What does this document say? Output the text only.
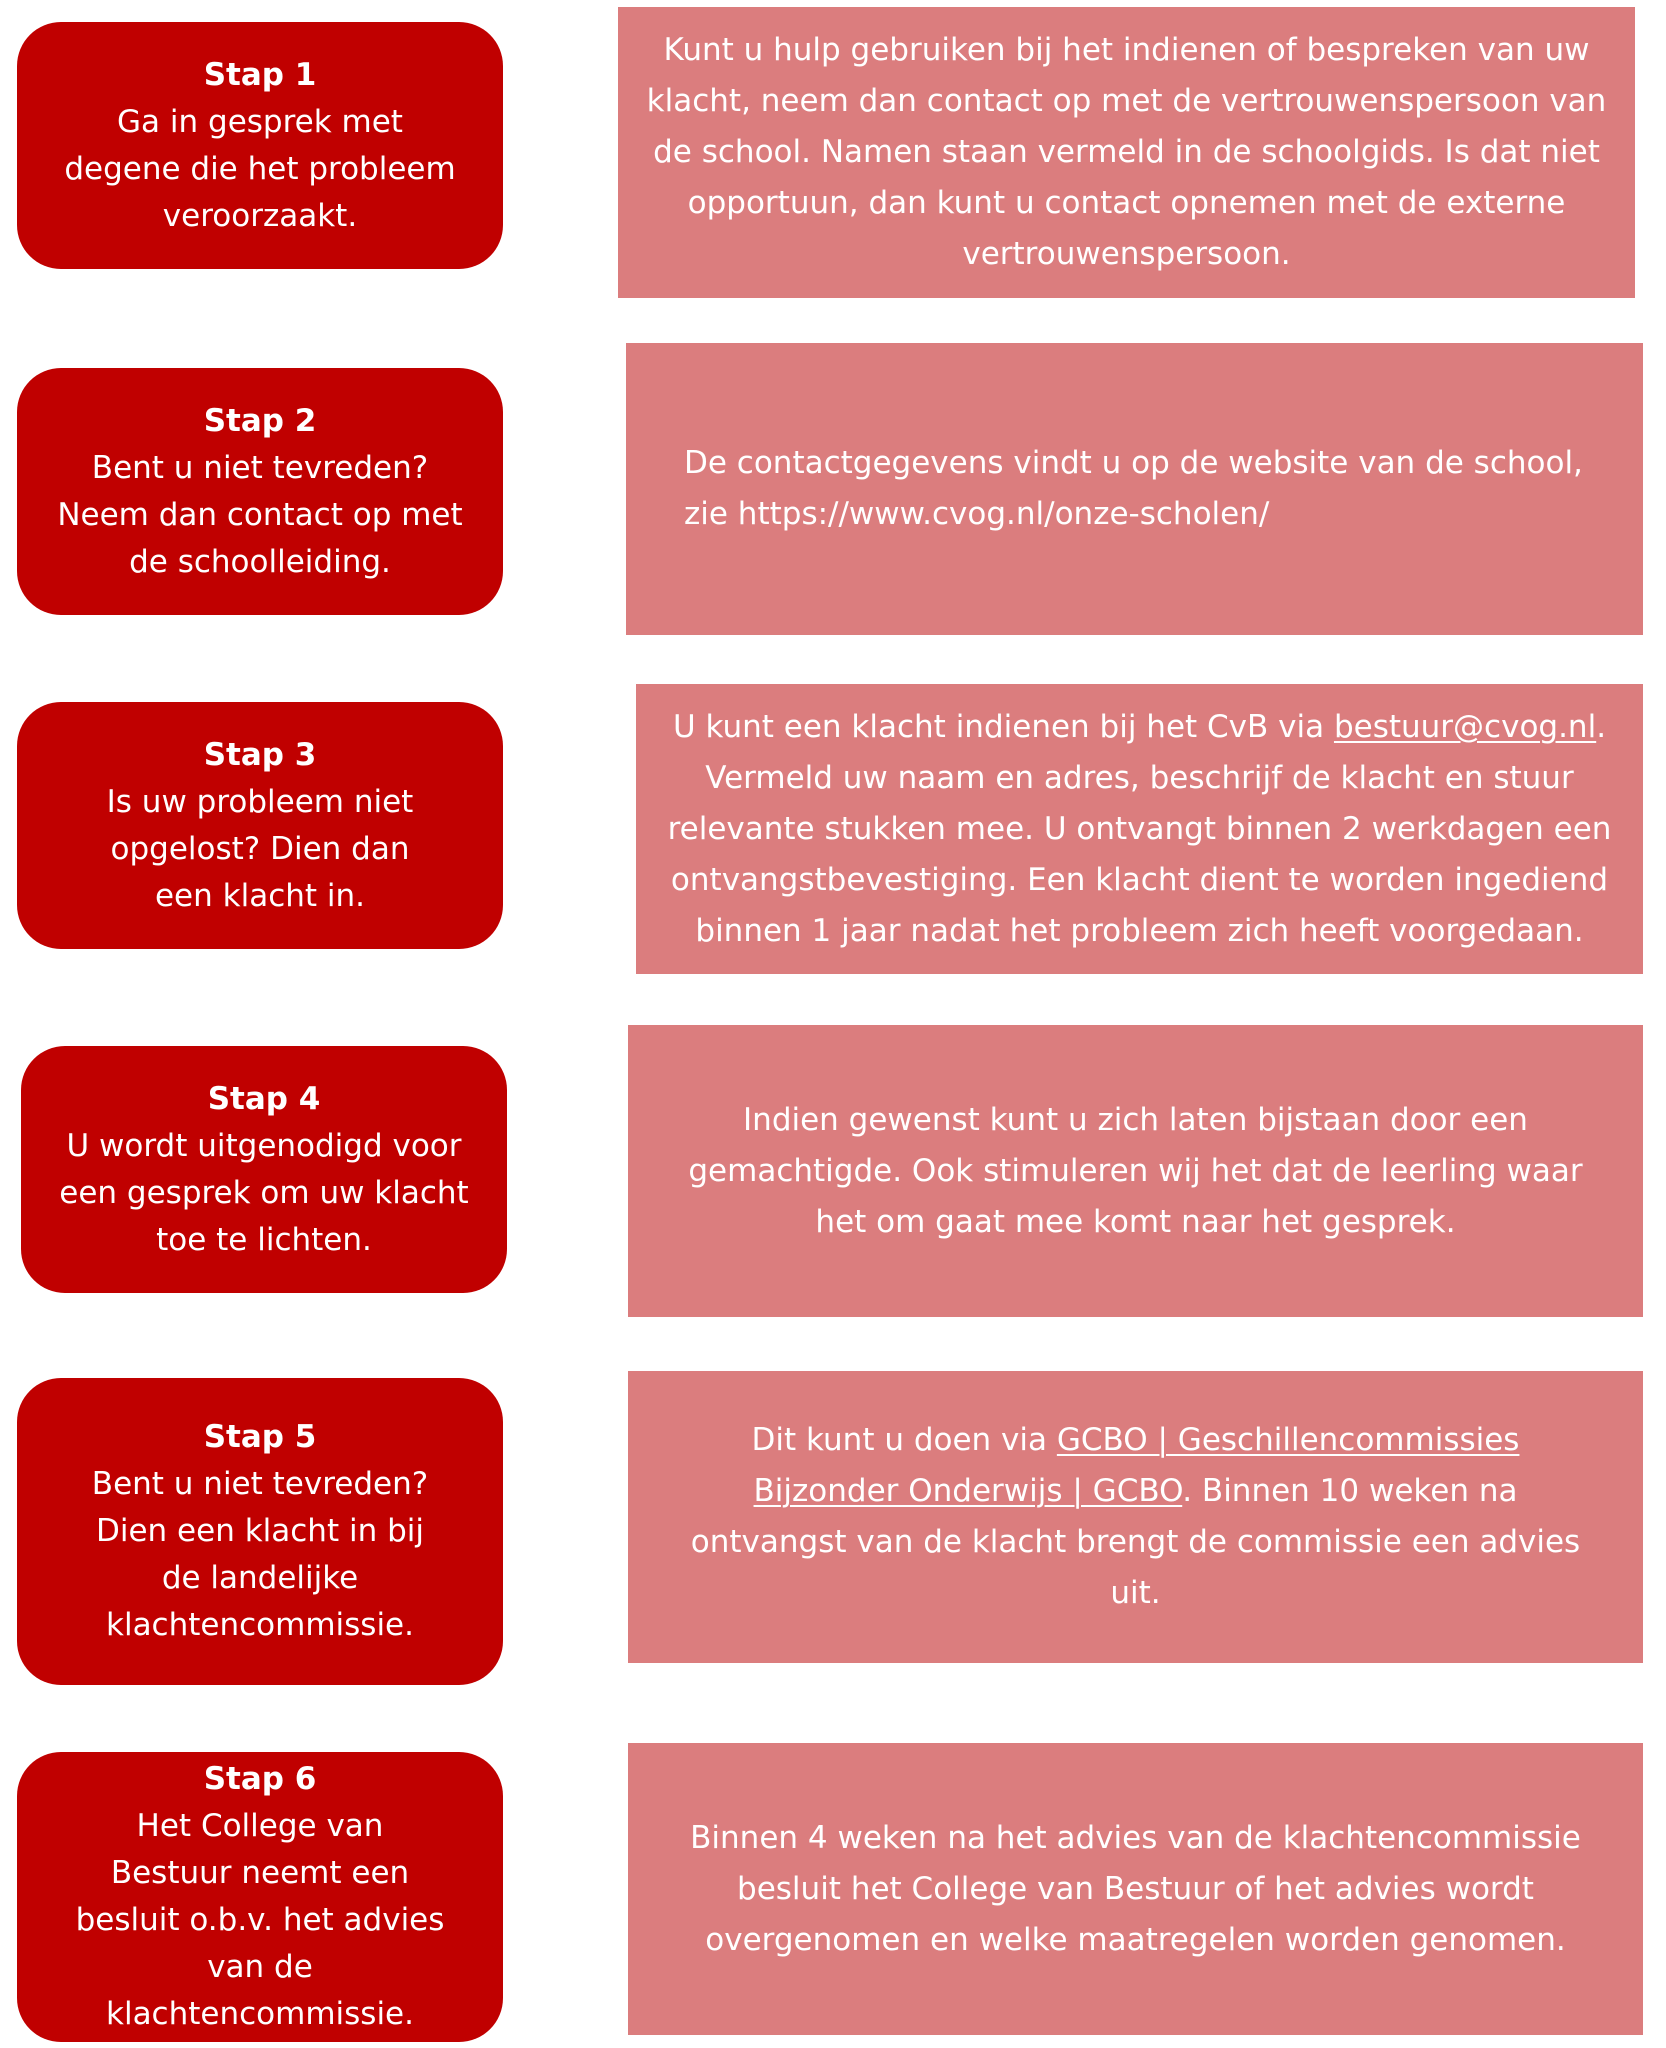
Stap 1
Ga in gesprek met degene die het probleem veroorzaakt.

Kunt u hulp gebruiken bij het indienen of bespreken van uw klacht, neem dan contact op met de vertrouwenspersoon van de school. Namen staan vermeld in de schoolgids. Is dat niet opportuun, dan kunt u contact opnemen met de externe vertrouwenspersoon.

Stap 2
Bent u niet tevreden? Neem dan contact op met de schoolleiding.

De contactgegevens vindt u op de website van de school, zie https://www.cvog.nl/onze-scholen/

Stap 3
Is uw probleem niet opgelost? Dien dan een klacht in.

U kunt een klacht indienen bij het CvB via bestuur@cvog.nl. Vermeld uw naam en adres, beschrijf de klacht en stuur relevante stukken mee. U ontvangt binnen 2 werkdagen een ontvangstbevestiging. Een klacht dient te worden ingediend binnen 1 jaar nadat het probleem zich heeft voorgedaan.

Stap 4
U wordt uitgenodigd voor een gesprek om uw klacht toe te lichten.

Indien gewenst kunt u zich laten bijstaan door een gemachtigde. Ook stimuleren wij het dat de leerling waar het om gaat mee komt naar het gesprek.

Stap 5
Bent u niet tevreden? Dien een klacht in bij de landelijke klachtencommissie.

Dit kunt u doen via GCBO | Geschillencommissies Bijzonder Onderwijs | GCBO. Binnen 10 weken na ontvangst van de klacht brengt de commissie een advies uit.

Stap 6
Het College van Bestuur neemt een besluit o.b.v. het advies van de klachtencommissie.

Binnen 4 weken na het advies van de klachtencommissie besluit het College van Bestuur of het advies wordt overgenomen en welke maatregelen worden genomen.
